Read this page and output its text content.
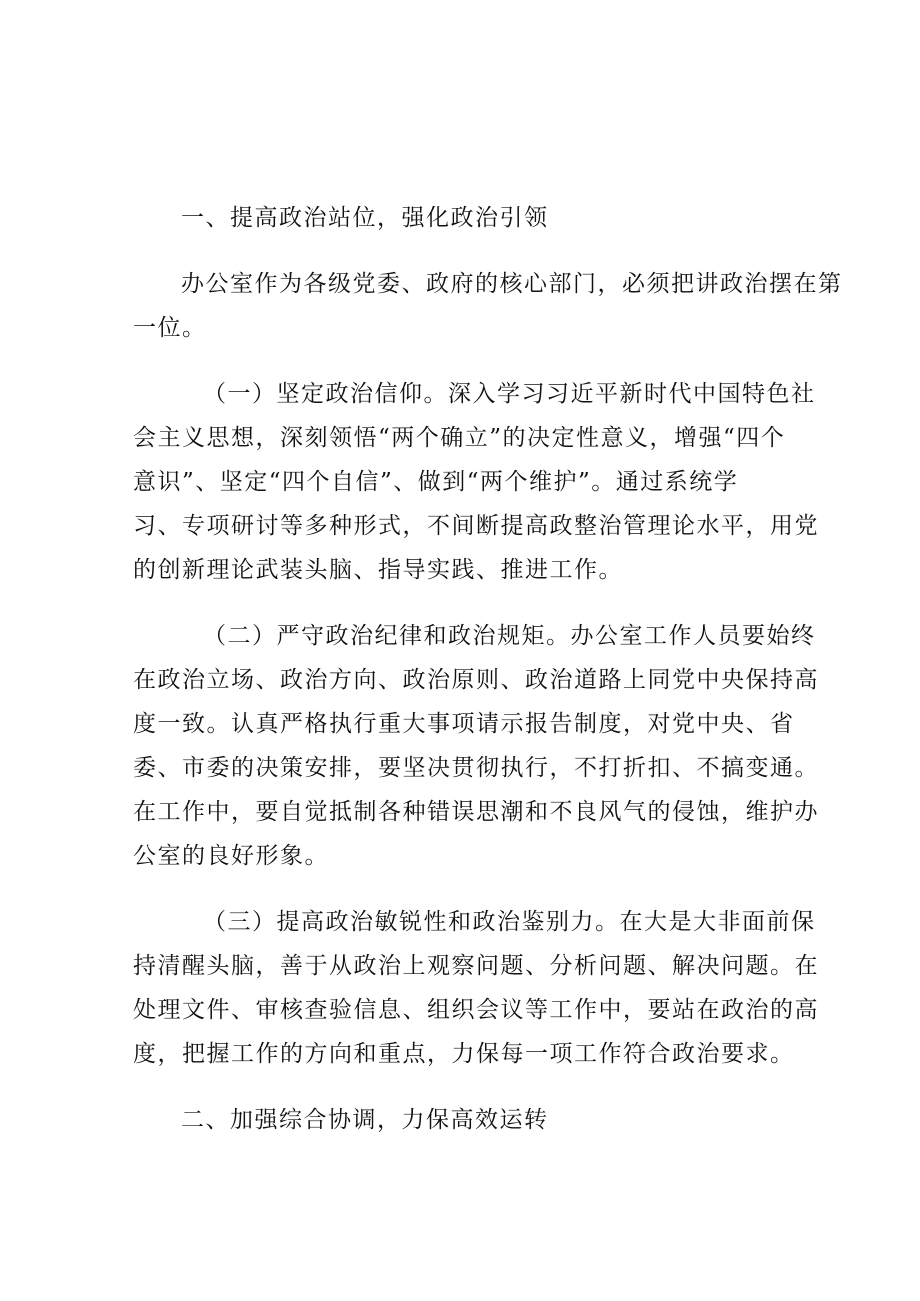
一、提高政治站位，强化政治引领
办公室作为各级党委、政府的核心部门，必须把讲政治摆在第
一位。
（一）坚定政治信仰。深入学习习近平新时代中国特色社
会主义思想，深刻领悟“两个确立”的决定性意义，增强“四个
意识”、坚定“四个自信”、做到“两个维护”。通过系统学
习、专项研讨等多种形式，不间断提高政整治管理论水平，用党
的创新理论武装头脑、指导实践、推进工作。
（二）严守政治纪律和政治规矩。办公室工作人员要始终
在政治立场、政治方向、政治原则、政治道路上同党中央保持高
度一致。认真严格执行重大事项请示报告制度，对党中央、省
委、市委的决策安排，要坚决贯彻执行，不打折扣、不搞变通。
在工作中，要自觉抵制各种错误思潮和不良风气的侵蚀，维护办
公室的良好形象。
（三）提高政治敏锐性和政治鉴别力。在大是大非面前保
持清醒头脑，善于从政治上观察问题、分析问题、解决问题。在
处理文件、审核查验信息、组织会议等工作中，要站在政治的高
度，把握工作的方向和重点，力保每一项工作符合政治要求。
二、加强综合协调，力保高效运转
